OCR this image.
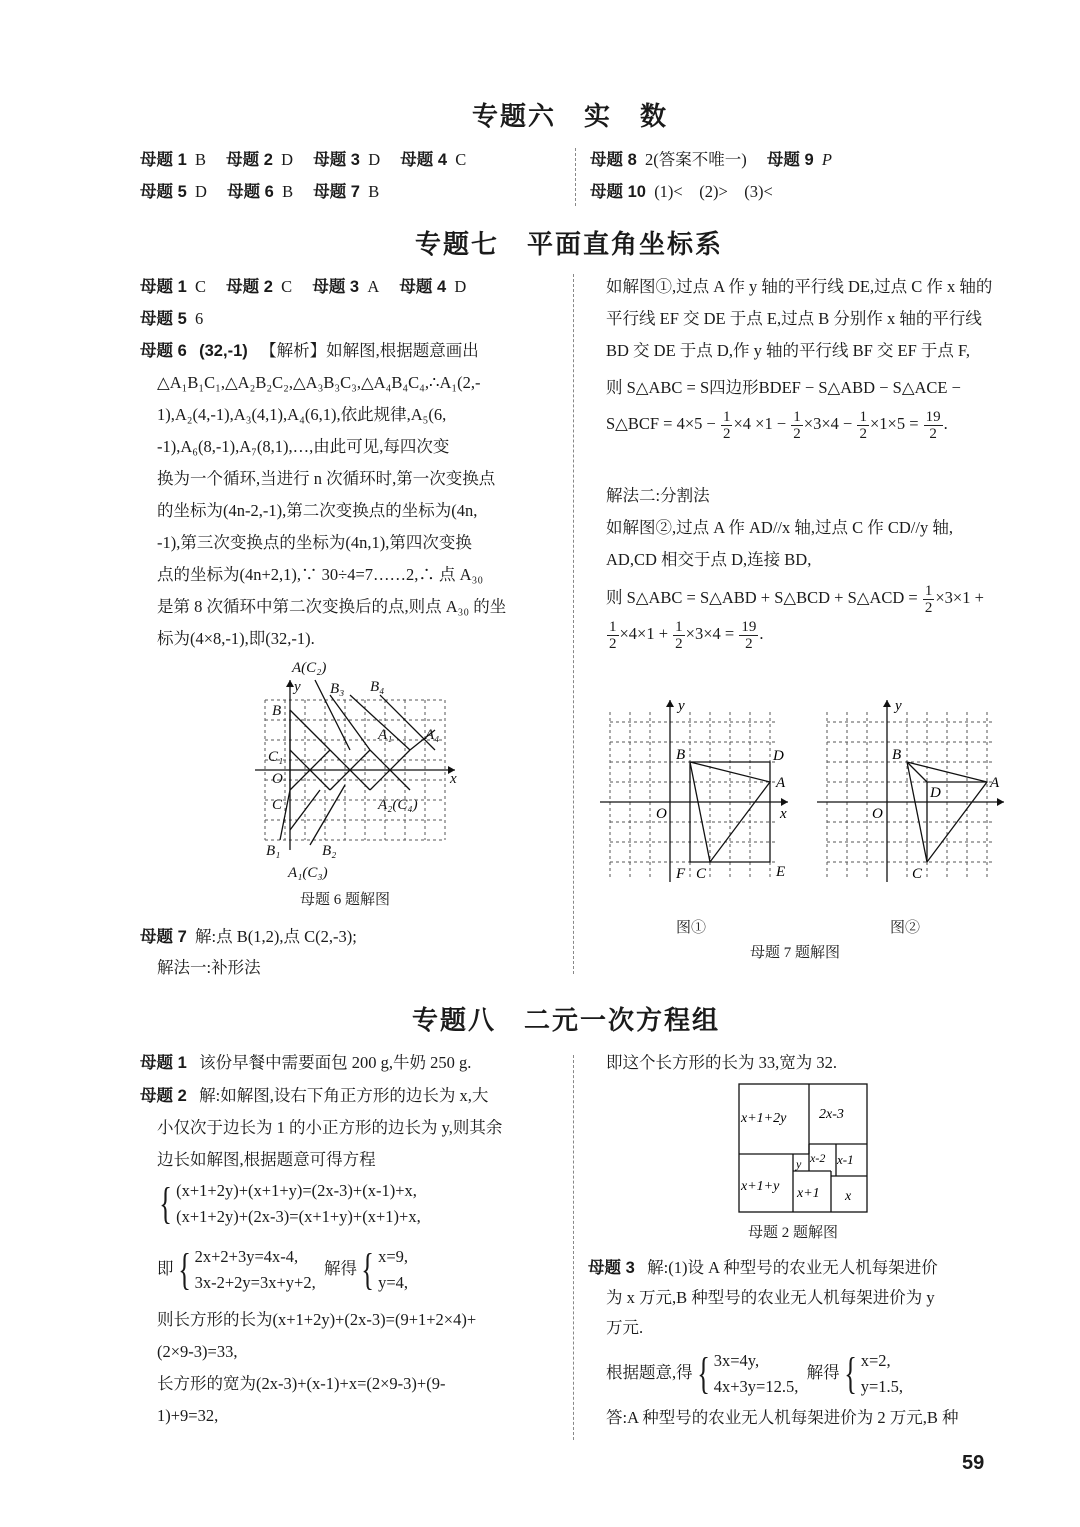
专题六　实　数
母题 1 B 母题 2 D 母题 3 D 母题 4 C
母题 5 D 母题 6 B 母题 7 B
母题 8 2(答案不唯一) 母题 9 P
母题 10 (1)<　(2)>　(3)<
专题七　平面直角坐标系
母题 1 C 母题 2 C 母题 3 A 母题 4 D
母题 5 6
母题 6 (32,-1) 【解析】如解图,根据题意画出
△A₁B₁C₁,△A₂B₂C₂,△A₃B₃C₃,△A₄B₄C₄,∴A₁(2,-
1),A₂(4,-1),A₃(4,1),A₄(6,1),依此规律,A₅(6,
-1),A₆(8,-1),A₇(8,1),…,由此可见,每四次变
换为一个循环,当进行 n 次循环时,第一次变换点
的坐标为(4n-2,-1),第二次变换点的坐标为(4n,
-1),第三次变换点的坐标为(4n,1),第四次变换
点的坐标为(4n+2,1),∵ 30÷4=7……2,∴ 点 A₃₀
是第 8 次循环中第二次变换后的点,则点 A₃₀ 的坐
标为(4×8,-1),即(32,-1).
A(C₂)
y B₃ B₄
B
A₁ A₄
C₁
O	x
C	A₂(C₄)
B₁	B₂
A₁(C₃)
母题 6 题解图
母题 7 解:点 B(1,2),点 C(2,-3);
解法一:补形法
如解图①,过点 A 作 y 轴的平行线 DE,过点 C 作 x 轴的
平行线 EF 交 DE 于点 E,过点 B 分别作 x 轴的平行线
BD 交 DE 于点 D,作 y 轴的平行线 BF 交 EF 于点 F,
则 S△ABC = S四边形BDEF − S△ABD − S△ACE − S△BCF = $4\times 5 - \frac{1}{2} \times 4 \times 1 - \frac{1}{2} \times 3\times 4 - \frac{1}{2} \times 1\times 5 = \frac{19}{2}$ .
解法二:分割法
如解图②,过点 A 作 AD//x 轴,过点 C 作 CD//y 轴,
AD,CD 相交于点 D,连接 BD,
则 S△ABC = S△ABD + S△BCD + S△ACD = $\frac{1}{2} \times 3\times 1$ +
$\frac{1}{2} \times 4\times 1 + \frac{1}{2} \times 3\times 4 = \frac{19}{2}$ .
y
B	D
A
O	x
F C	E
y
B
D
A
O
C
图①	图②
母题 7 题解图
专题八　二元一次方程组
母题 1 该份早餐中需要面包 200 g,牛奶 250 g.
母题 2 解:如解图,设右下角正方形的边长为 x,大
小仅次于边长为 1 的小正方形的边长为 y,则其余
边长如解图,根据题意可得方程
{ (x+1+2y)+(x+1+y)=(2x-3)+(x-1)+x,
(x+1+2y)+(2x-3)=(x+1+y)+(x+1)+x,
即{ 2x+2+3y=4x-4,
3x-2+2y=3x+y+2,
解得{ x=9,
y=4,
则长方形的长为(x+1+2y)+(2x-3)=(9+1+2×4)+
(2×9-3)=33,
长方形的宽为(2x-3)+(x-1)+x=(2×9-3)+(9-
1)+9=32,
即这个长方形的长为 33,宽为 32.
x+1+2y 2x-3
y x-2 x-1
x+1+y x+1 x
母题 2 题解图
母题 3 解:(1)设 A 种型号的农业无人机每架进价
为 x 万元,B 种型号的农业无人机每架进价为 y
万元.
根据题意,得{ 3x=4y,
4x+3y=12.5,
解得{ x=2,
y=1.5,
答:A 种型号的农业无人机每架进价为 2 万元,B 种
59
